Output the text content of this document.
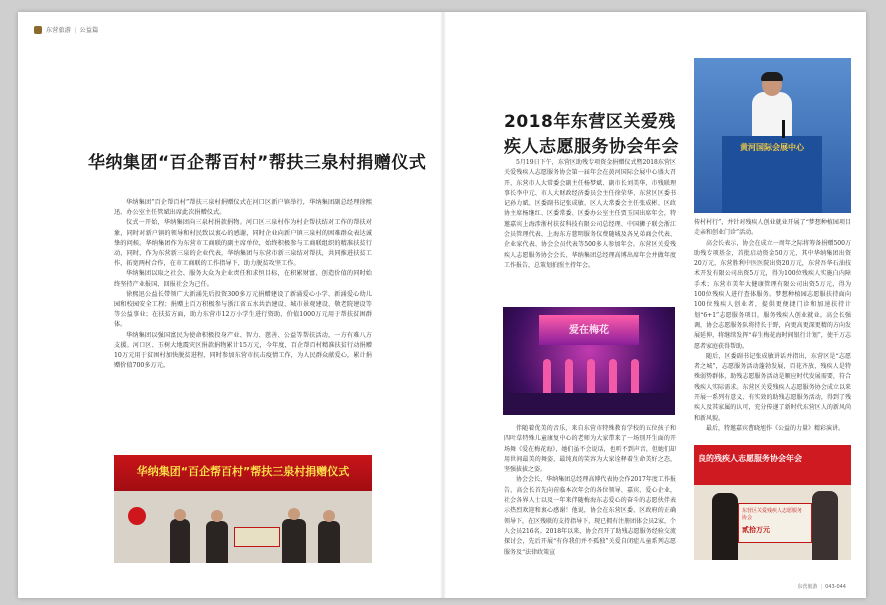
东营旅游 | 公益篇
华纳集团“百企帮百村”帮扶三泉村捐赠仪式

华纳集团“百企帮百村”帮扶三泉村捐赠仪式在河口区新户镇举行，华纳集团副总经理徐熙迅、办公室主任管斌出席此次捐赠仪式。

仪式一开始，华纳集团向三泉村捐款捐物。河口区三泉村作为村企帮扶结对工作的帮扶对象，同时对新户镇的领导和村民致以衷心的感谢，同时企业向新户镇三泉村的困难群众表达诚挚的问候。华纳集团作为东营市工商联的副主席单位，始终积极参与工商联组织的精准扶贫行动，同时，作为东营新三泉的企业代表，华纳集团与东营市新三泉结对帮扶，共同推进扶贫工作，拓宽两村合作，在市工商联的工作指导下，助力脱贫攻坚工作。

华纳集团以取之社会、服务大众为企业责任和求恒目标，在积累财富、创造价值的同时始终坚持产业报国、回报社会为己任。

徐熙迅公益长带领广大新涌先后投资300多万元捐赠建设了新涌爱心小学、新涌爱心幼儿园和校园安全工程；捐赠上百万积极参与浙江省五水共治建设、城市景观建设、敬老院建设等等公益事业；在扶贫方面，助力东营市12万小学生进行资助，价值1000万元用于帮扶贫困群体。

华纳集团以强国富民为使命积极投身产业、智力、慈善、公益等帮扶活动，一方有难八方支援。河口区、玉树大地震灾区捐款捐物累计15万元，今年度，百企帮百村精准扶贫行动捐赠10万元用于贫困村加快脱贫进程，同时参加东营市抗击疫情工作，为人民群众献爱心，累计捐赠价值700多万元。

华纳集团“百企帮百村”帮扶三泉村捐赠仪式
黄河国际会展中心
2018年东营区关爱残疾人志愿服务协会年会

5月19日下午，东营区助残专项资金捐赠仪式暨2018东营区关爱残疾人志愿服务协会第一届年会在黄河国际会展中心盛大召开，东营市人大常委会副主任杨梦斌、副市长刘美华、市残联理事长李中元、市人大财政经济委员会主任徐荣华、东营区区委书记孙力斌、区委副书记张成敏、区人大常委会主任张成彬、区政协主席杨继红、区委常委、区委办公室主任贾玉国出席年会，特邀嘉宾上海涉浙村扶贫科技有限公司总经理、中国狮子联会浙江会员管理代表、上海东方慈明服务仪费随城及各兄弟商会代表、企业家代表、协会会员代表等500多人参加年会。东营区关爱残疾人志愿服务协会会长、华纳集团总经理高博出席年会并做年度工作报告，总策划拍照主持年会。

爱在梅花

伴随着优美的音乐，来自东营市特殊教育学校的五位孩子和四叶草特殊儿童康复中心的老师为大家带来了一场别开生面的开场舞《爱在梅花海》，她们虽不会说话，也听不到声音，但她们却用世间最美的舞姿，最纯真的笑容为大家诠释着生命美好之态，坚强拔拔之姿。

协会会长、华纳集团总经理高博代表协会作2017年度工作报告，高会长首先向莅临本次年会的各位领导、嘉宾、爱心企业，社会各界人士以及一年来伴随梅海东志爱心的奋斗的志愿伙伴表示热烈欢迎和衷心感谢！他说，协会在东营区委，区政府的正确领导下，在区残联的支持指导下，现已拥有注册团体会员2家，个人会员216名。2018年以来，协会召开了助残志愿服务经验交流探讨会，先后开展“有你我们并不孤独”关爱自闭症儿童系列志愿服务及“法律政策宣

传村村行”，并针对残疾人创业就业开展了“梦想种植园项目走亲和创业门诊”活动。

高会长表示，协会在成立一周年之际将筹备捐赠500万助残专项基金，首批启动资金50万元，其中华纳集团出资20万元，东营胜利中医医院出资20万元，东营吾华石油技术开发有限公司出资5万元，得为100位残疾人实施白内障手术；东营市美年大健康管理有限公司出资5万元，得为100位残疾人进行查体服务。梦想种植园志愿服扶持面向100位残疾人创业者，提供更便捷门诊和加速扶持计划“6+1”志愿服务项目，服务残疾人创业就业。高会长强调，协会志愿服务队将持长于野，向更高更深更精的方向发展延伸，将继续发挥“春生梅花海时间银行计划”，使千万志愿者家庭获得帮助。

随后，区委副书记张成敏讲话并指出，东营区是“志愿者之城”，志愿服务活动蓬勃发展，百花齐放，残疾人是特殊弱势群体，助残志愿服务活动是顺应时代发展需要，符合残疾人实际需求。东营区关爱残疾人志愿服务协会成立以来开展一系列有意义、有实效的助残志愿服务活动，得到了残疾人及其家属的认可，充分传递了新时代东营区人的新风尚和新风貌。

最后，特邀嘉宾曹晓旭作《公益的力量》精彩演讲。

良的残疾人志愿服务协会年会
东营区关爱残疾人志愿服务协会
贰拾万元
东营旅游 | 043-044
